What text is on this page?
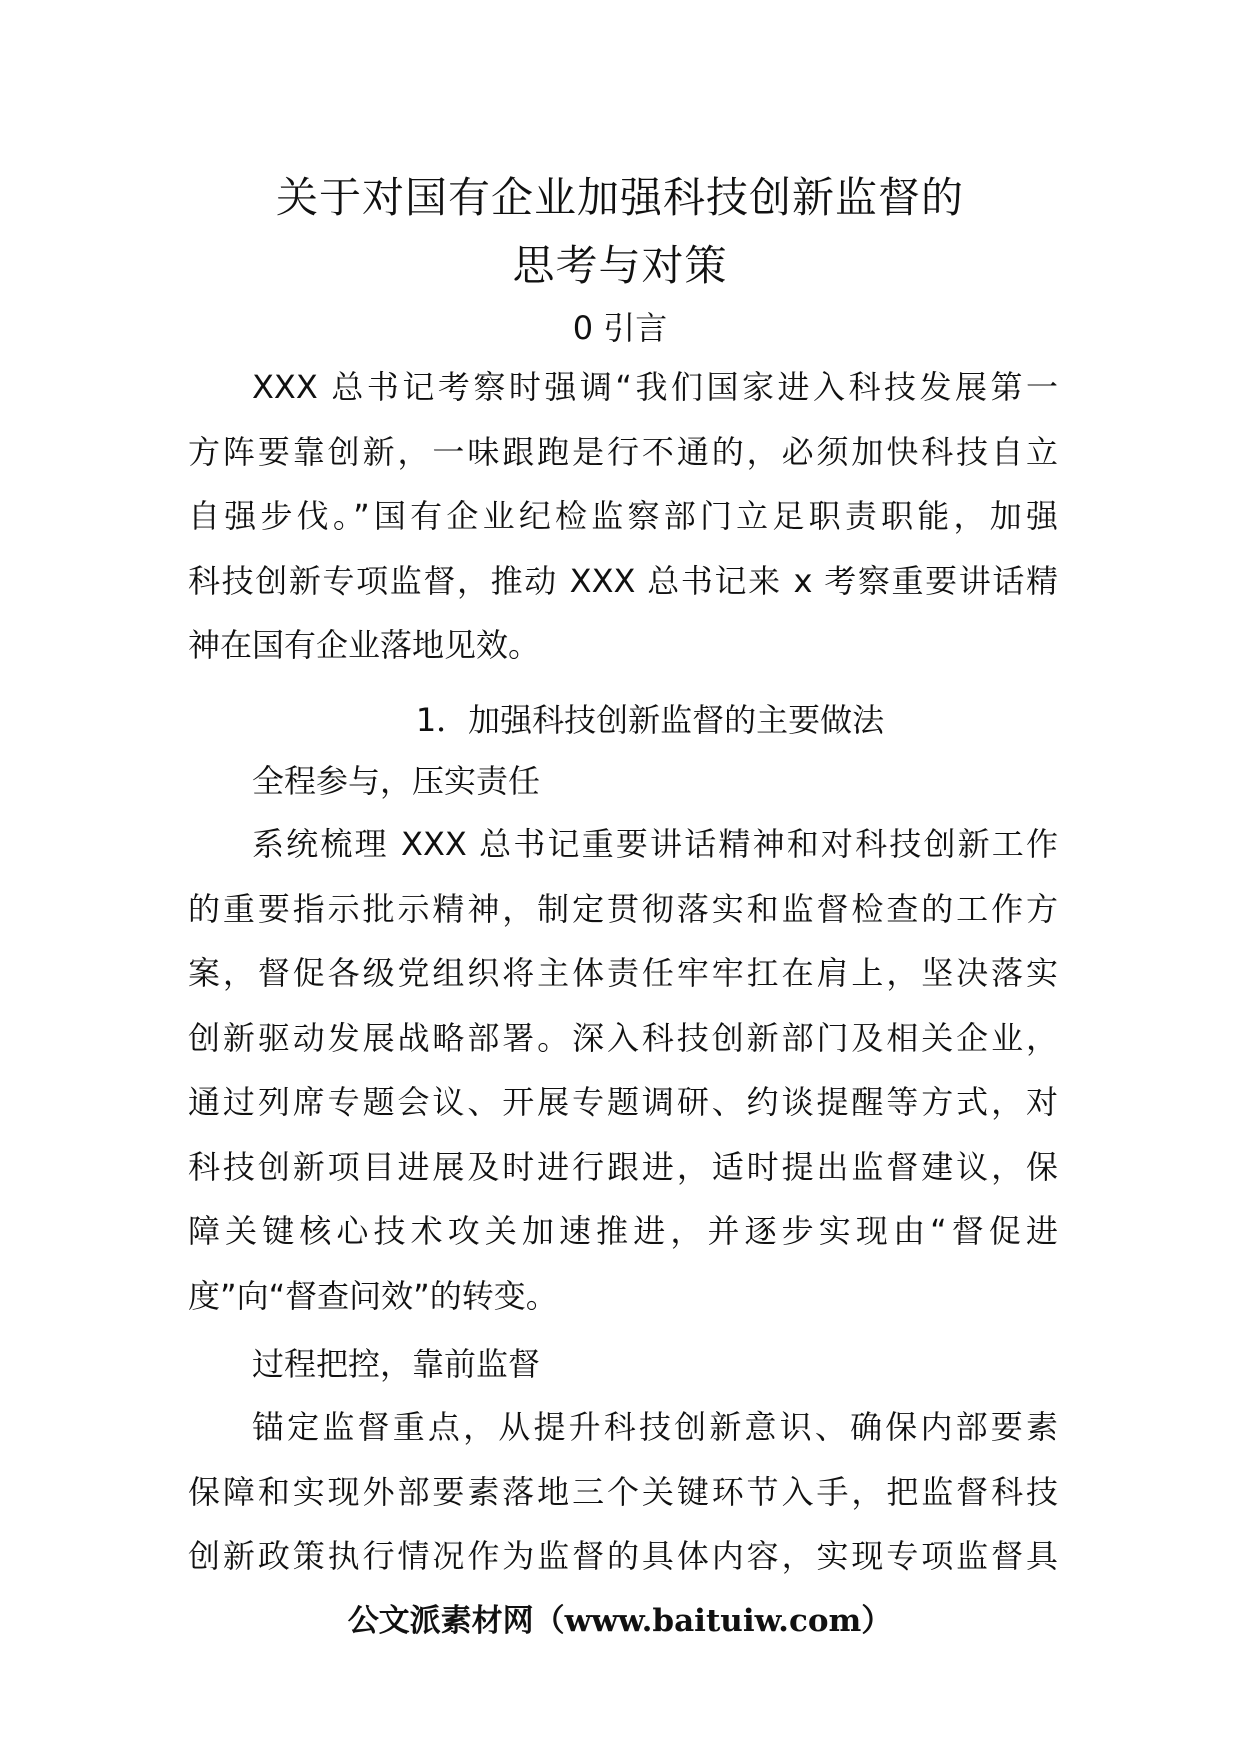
关于对国有企业加强科技创新监督的
思考与对策
0 引言
XXX 总书记考察时强调“我们国家进入科技发展第一
方阵要靠创新，一味跟跑是行不通的，必须加快科技自立
自强步伐。”国有企业纪检监察部门立足职责职能，加强
科技创新专项监督，推动 XXX 总书记来 x 考察重要讲话精
神在国有企业落地见效。
1．加强科技创新监督的主要做法
全程参与，压实责任
系统梳理 XXX 总书记重要讲话精神和对科技创新工作
的重要指示批示精神，制定贯彻落实和监督检查的工作方
案，督促各级党组织将主体责任牢牢扛在肩上，坚决落实
创新驱动发展战略部署。深入科技创新部门及相关企业，
通过列席专题会议、开展专题调研、约谈提醒等方式，对
科技创新项目进展及时进行跟进，适时提出监督建议，保
障关键核心技术攻关加速推进，并逐步实现由“督促进
度”向“督查问效”的转变。
过程把控，靠前监督
锚定监督重点，从提升科技创新意识、确保内部要素
保障和实现外部要素落地三个关键环节入手，把监督科技
创新政策执行情况作为监督的具体内容，实现专项监督具
公文派素材网（www.baituiw.com）
